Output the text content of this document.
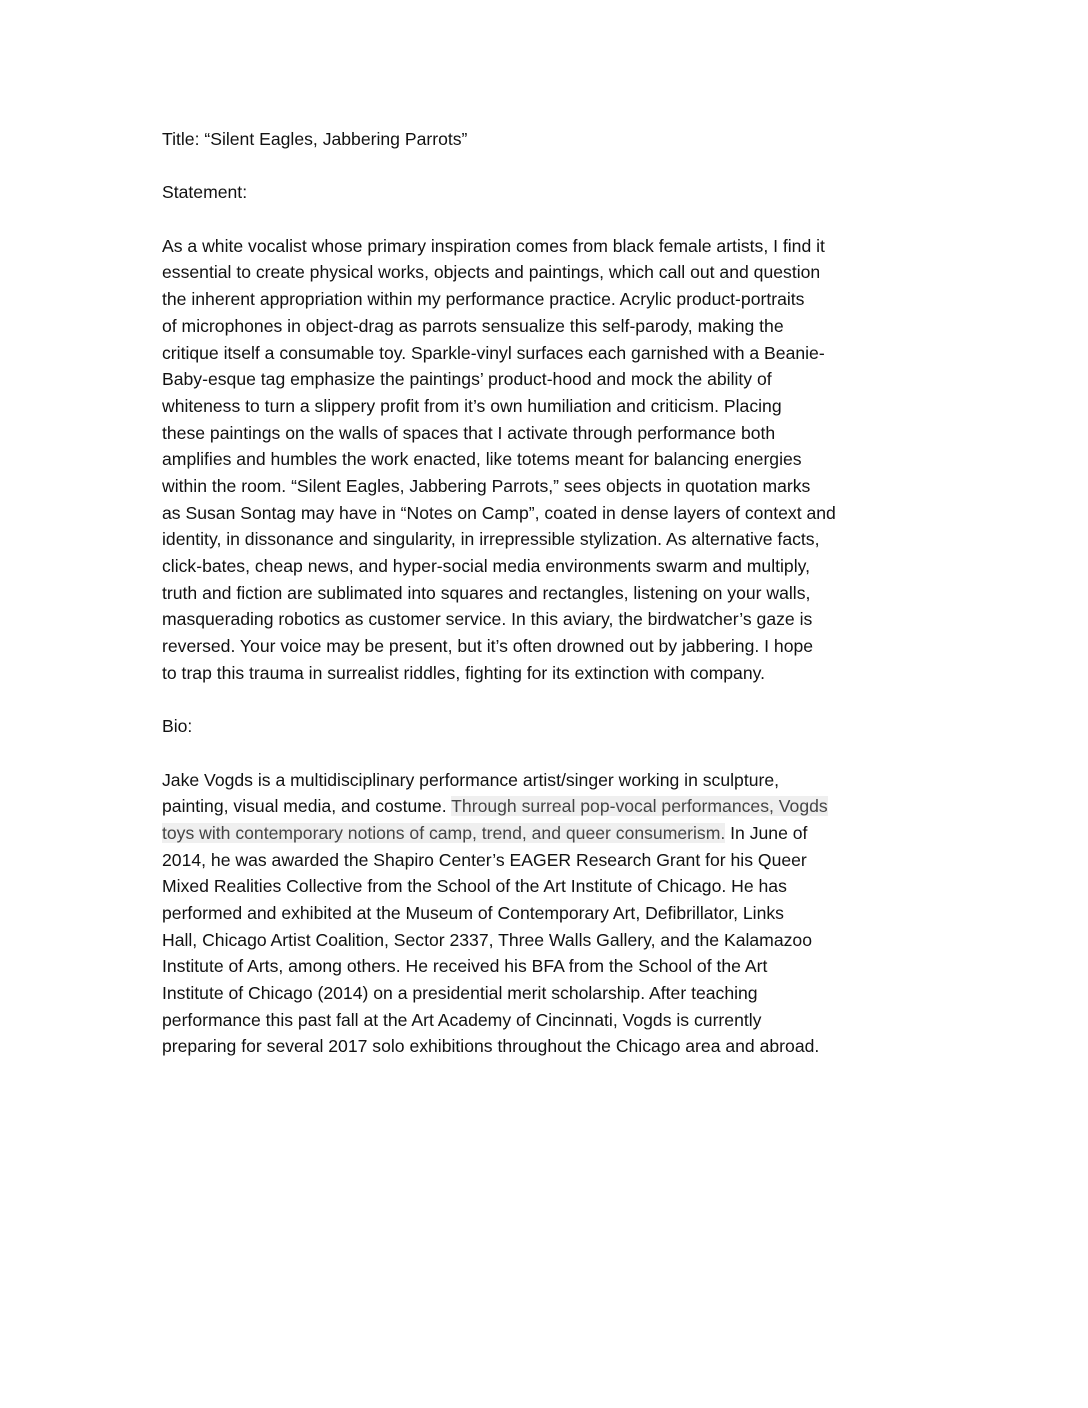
Title: “Silent Eagles, Jabbering Parrots”
Statement:
As a white vocalist whose primary inspiration comes from black female artists, I find it
essential to create physical works, objects and paintings, which call out and question
the inherent appropriation within my performance practice. Acrylic product-portraits
of microphones in object-drag as parrots sensualize this self-parody, making the
critique itself a consumable toy. Sparkle-vinyl surfaces each garnished with a Beanie-
Baby-esque tag emphasize the paintings’ product-hood and mock the ability of
whiteness to turn a slippery profit from it’s own humiliation and criticism. Placing
these paintings on the walls of spaces that I activate through performance both
amplifies and humbles the work enacted, like totems meant for balancing energies
within the room. “Silent Eagles, Jabbering Parrots,” sees objects in quotation marks
as Susan Sontag may have in “Notes on Camp”, coated in dense layers of context and
identity, in dissonance and singularity, in irrepressible stylization. As alternative facts,
click-bates, cheap news, and hyper-social media environments swarm and multiply,
truth and fiction are sublimated into squares and rectangles, listening on your walls,
masquerading robotics as customer service. In this aviary, the birdwatcher’s gaze is
reversed. Your voice may be present, but it’s often drowned out by jabbering. I hope
to trap this trauma in surrealist riddles, fighting for its extinction with company.
Bio:
Jake Vogds is a multidisciplinary performance artist/singer working in sculpture,
painting, visual media, and costume. Through surreal pop-vocal performances, Vogds
toys with contemporary notions of camp, trend, and queer consumerism. In June of
2014, he was awarded the Shapiro Center’s EAGER Research Grant for his Queer
Mixed Realities Collective from the School of the Art Institute of Chicago. He has
performed and exhibited at the Museum of Contemporary Art, Defibrillator, Links
Hall, Chicago Artist Coalition, Sector 2337, Three Walls Gallery, and the Kalamazoo
Institute of Arts, among others. He received his BFA from the School of the Art
Institute of Chicago (2014) on a presidential merit scholarship. After teaching
performance this past fall at the Art Academy of Cincinnati, Vogds is currently
preparing for several 2017 solo exhibitions throughout the Chicago area and abroad.
